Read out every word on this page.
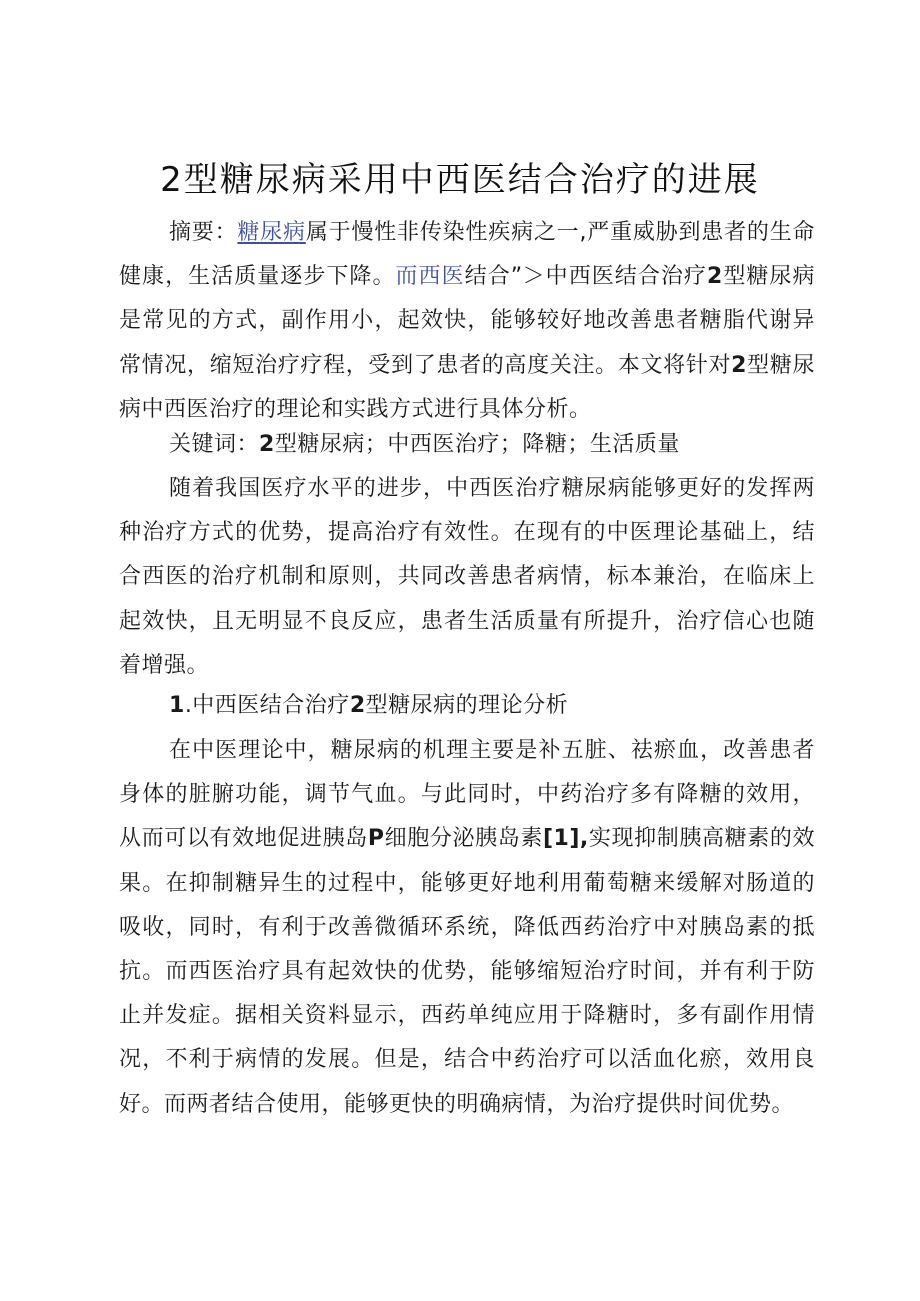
2型糖尿病采用中西医结合治疗的进展

摘要：糖尿病属于慢性非传染性疾病之一,严重威胁到患者的生命健康，生活质量逐步下降。而西医结合”＞中西医结合治疗2型糖尿病是常见的方式，副作用小，起效快，能够较好地改善患者糖脂代谢异常情况，缩短治疗疗程，受到了患者的高度关注。本文将针对2型糖尿病中西医治疗的理论和实践方式进行具体分析。

关键词：2型糖尿病；中西医治疗；降糖；生活质量

随着我国医疗水平的进步，中西医治疗糖尿病能够更好的发挥两种治疗方式的优势，提高治疗有效性。在现有的中医理论基础上，结合西医的治疗机制和原则，共同改善患者病情，标本兼治，在临床上起效快，且无明显不良反应，患者生活质量有所提升，治疗信心也随着增强。

1.中西医结合治疗2型糖尿病的理论分析

在中医理论中，糖尿病的机理主要是补五脏、祛瘀血，改善患者身体的脏腑功能，调节气血。与此同时，中药治疗多有降糖的效用，从而可以有效地促进胰岛P细胞分泌胰岛素[1],实现抑制胰高糖素的效果。在抑制糖异生的过程中，能够更好地利用葡萄糖来缓解对肠道的吸收，同时，有利于改善微循环系统，降低西药治疗中对胰岛素的抵抗。而西医治疗具有起效快的优势，能够缩短治疗时间，并有利于防止并发症。据相关资料显示，西药单纯应用于降糖时，多有副作用情况，不利于病情的发展。但是，结合中药治疗可以活血化瘀，效用良好。而两者结合使用，能够更快的明确病情，为治疗提供时间优势。
